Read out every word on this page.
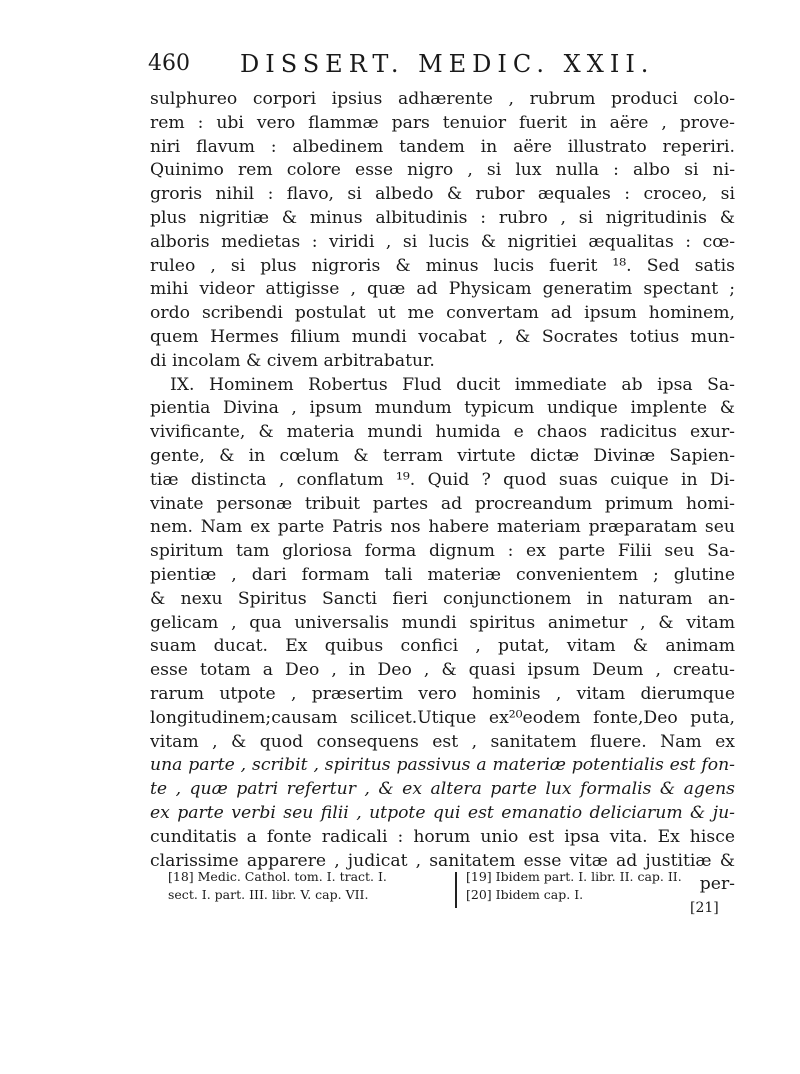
460 DISSERT. MEDIC. XXII.
sulphureo corpori ipsius adhærente , rubrum produci colo-
rem : ubi vero flammæ pars tenuior fuerit in aëre , prove-
niri flavum : albedinem tandem in aëre illustrato reperiri.
Quinimo rem colore esse nigro , si lux nulla : albo si ni-
groris nihil : flavo, si albedo & rubor æquales : croceo, si
plus nigritiæ & minus albitudinis : rubro , si nigritudinis &
alboris medietas : viridi , si lucis & nigritiei æqualitas : cœ-
ruleo , si plus nigroris & minus lucis fuerit ¹⁸. Sed satis
mihi videor attigisse , quæ ad Physicam generatim spectant ;
ordo scribendi postulat ut me convertam ad ipsum hominem,
quem Hermes filium mundi vocabat , & Socrates totius mun-
di incolam & civem arbitrabatur.
IX. Hominem Robertus Flud ducit immediate ab ipsa Sa-
pientia Divina , ipsum mundum typicum undique implente &
vivificante, & materia mundi humida e chaos radicitus exur-
gente, & in cœlum & terram virtute dictæ Divinæ Sapien-
tiæ distincta , conflatum ¹⁹. Quid ? quod suas cuique in Di-
vinate personæ tribuit partes ad procreandum primum homi-
nem. Nam ex parte Patris nos habere materiam præparatam seu
spiritum tam gloriosa forma dignum : ex parte Filii seu Sa-
pientiæ , dari formam tali materiæ convenientem ; glutine
& nexu Spiritus Sancti fieri conjunctionem in naturam an-
gelicam , qua universalis mundi spiritus animetur , & vitam
suam ducat. Ex quibus confici , putat, vitam & animam
esse totam a Deo , in Deo , & quasi ipsum Deum , creatu-
rarum utpote , præsertim vero hominis , vitam dierumque
longitudinem;causam scilicet.Utique ex²⁰eodem fonte,Deo puta,
vitam , & quod consequens est , sanitatem fluere. Nam ex
una parte , scribit , spiritus passivus a materiæ potentialis est fon-
te , quæ patri refertur , & ex altera parte lux formalis & agens
ex parte verbi seu filii , utpote qui est emanatio deliciarum & ju-
cunditatis a fonte radicali : horum unio est ipsa vita. Ex hisce
clarissime apparere , judicat , sanitatem esse vitæ ad justitiæ &
per-
[18] Medic. Cathol. tom. I. tract. I.
sect. I. part. III. libr. V. cap. VII.
[19] Ibidem part. I. libr. II. cap. II.
[20] Ibidem cap. I.
[21]
